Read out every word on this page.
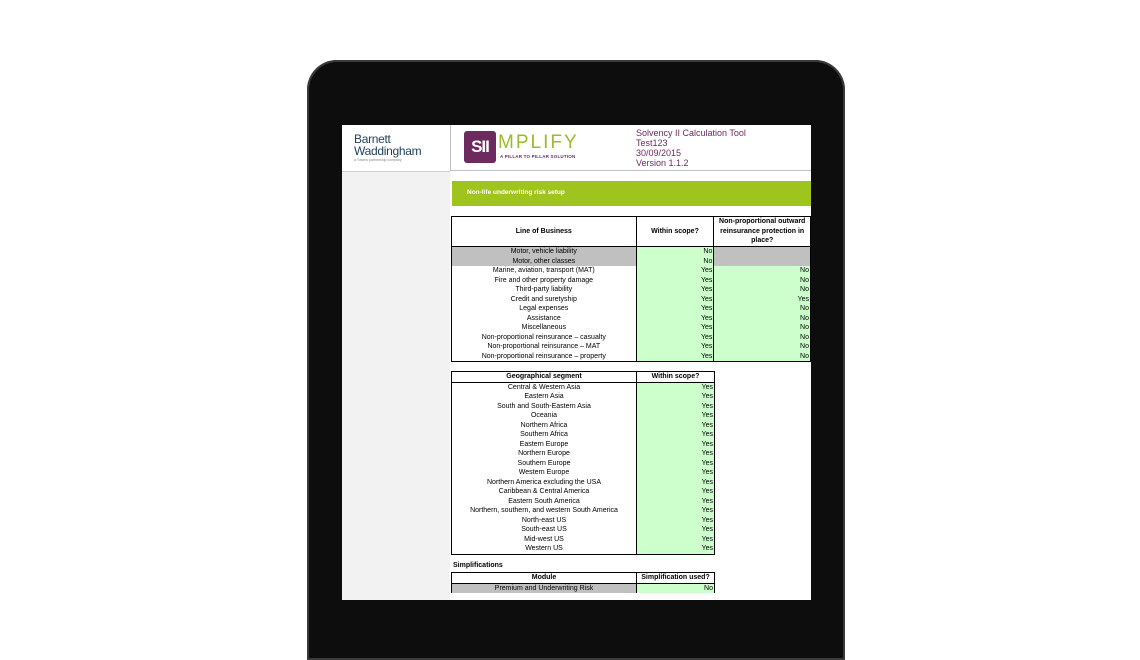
Barnett
Waddingham
a Towers partnership company
SII MPLIFY
A PILLAR TO PILLAR SOLUTION
Solvency II Calculation Tool
Test123
30/09/2015
Version 1.1.2
Non-life underwriting risk setup
Line of Business	Within scope?	Non-proportional outward reinsurance protection in place?
Motor, vehicle liability	No	
Motor, other classes	No	
Marine, aviation, transport (MAT)	Yes	No
Fire and other property damage	Yes	No
Third-party liability	Yes	No
Credit and suretyship	Yes	Yes
Legal expenses	Yes	No
Assistance	Yes	No
Miscellaneous	Yes	No
Non-proportional reinsurance – casualty	Yes	No
Non-proportional reinsurance – MAT	Yes	No
Non-proportional reinsurance – property	Yes	No
Geographical segment	Within scope?
Central & Western Asia	Yes
Eastern Asia	Yes
South and South-Eastern Asia	Yes
Oceania	Yes
Northern Africa	Yes
Southern Africa	Yes
Eastern Europe	Yes
Northern Europe	Yes
Southern Europe	Yes
Western Europe	Yes
Northern America excluding the USA	Yes
Caribbean & Central America	Yes
Eastern South America	Yes
Northern, southern, and western South America	Yes
North-east US	Yes
South-east US	Yes
Mid-west US	Yes
Western US	Yes
Simplifications
Module	Simplification used?
Premium and Underwriting Risk	No
